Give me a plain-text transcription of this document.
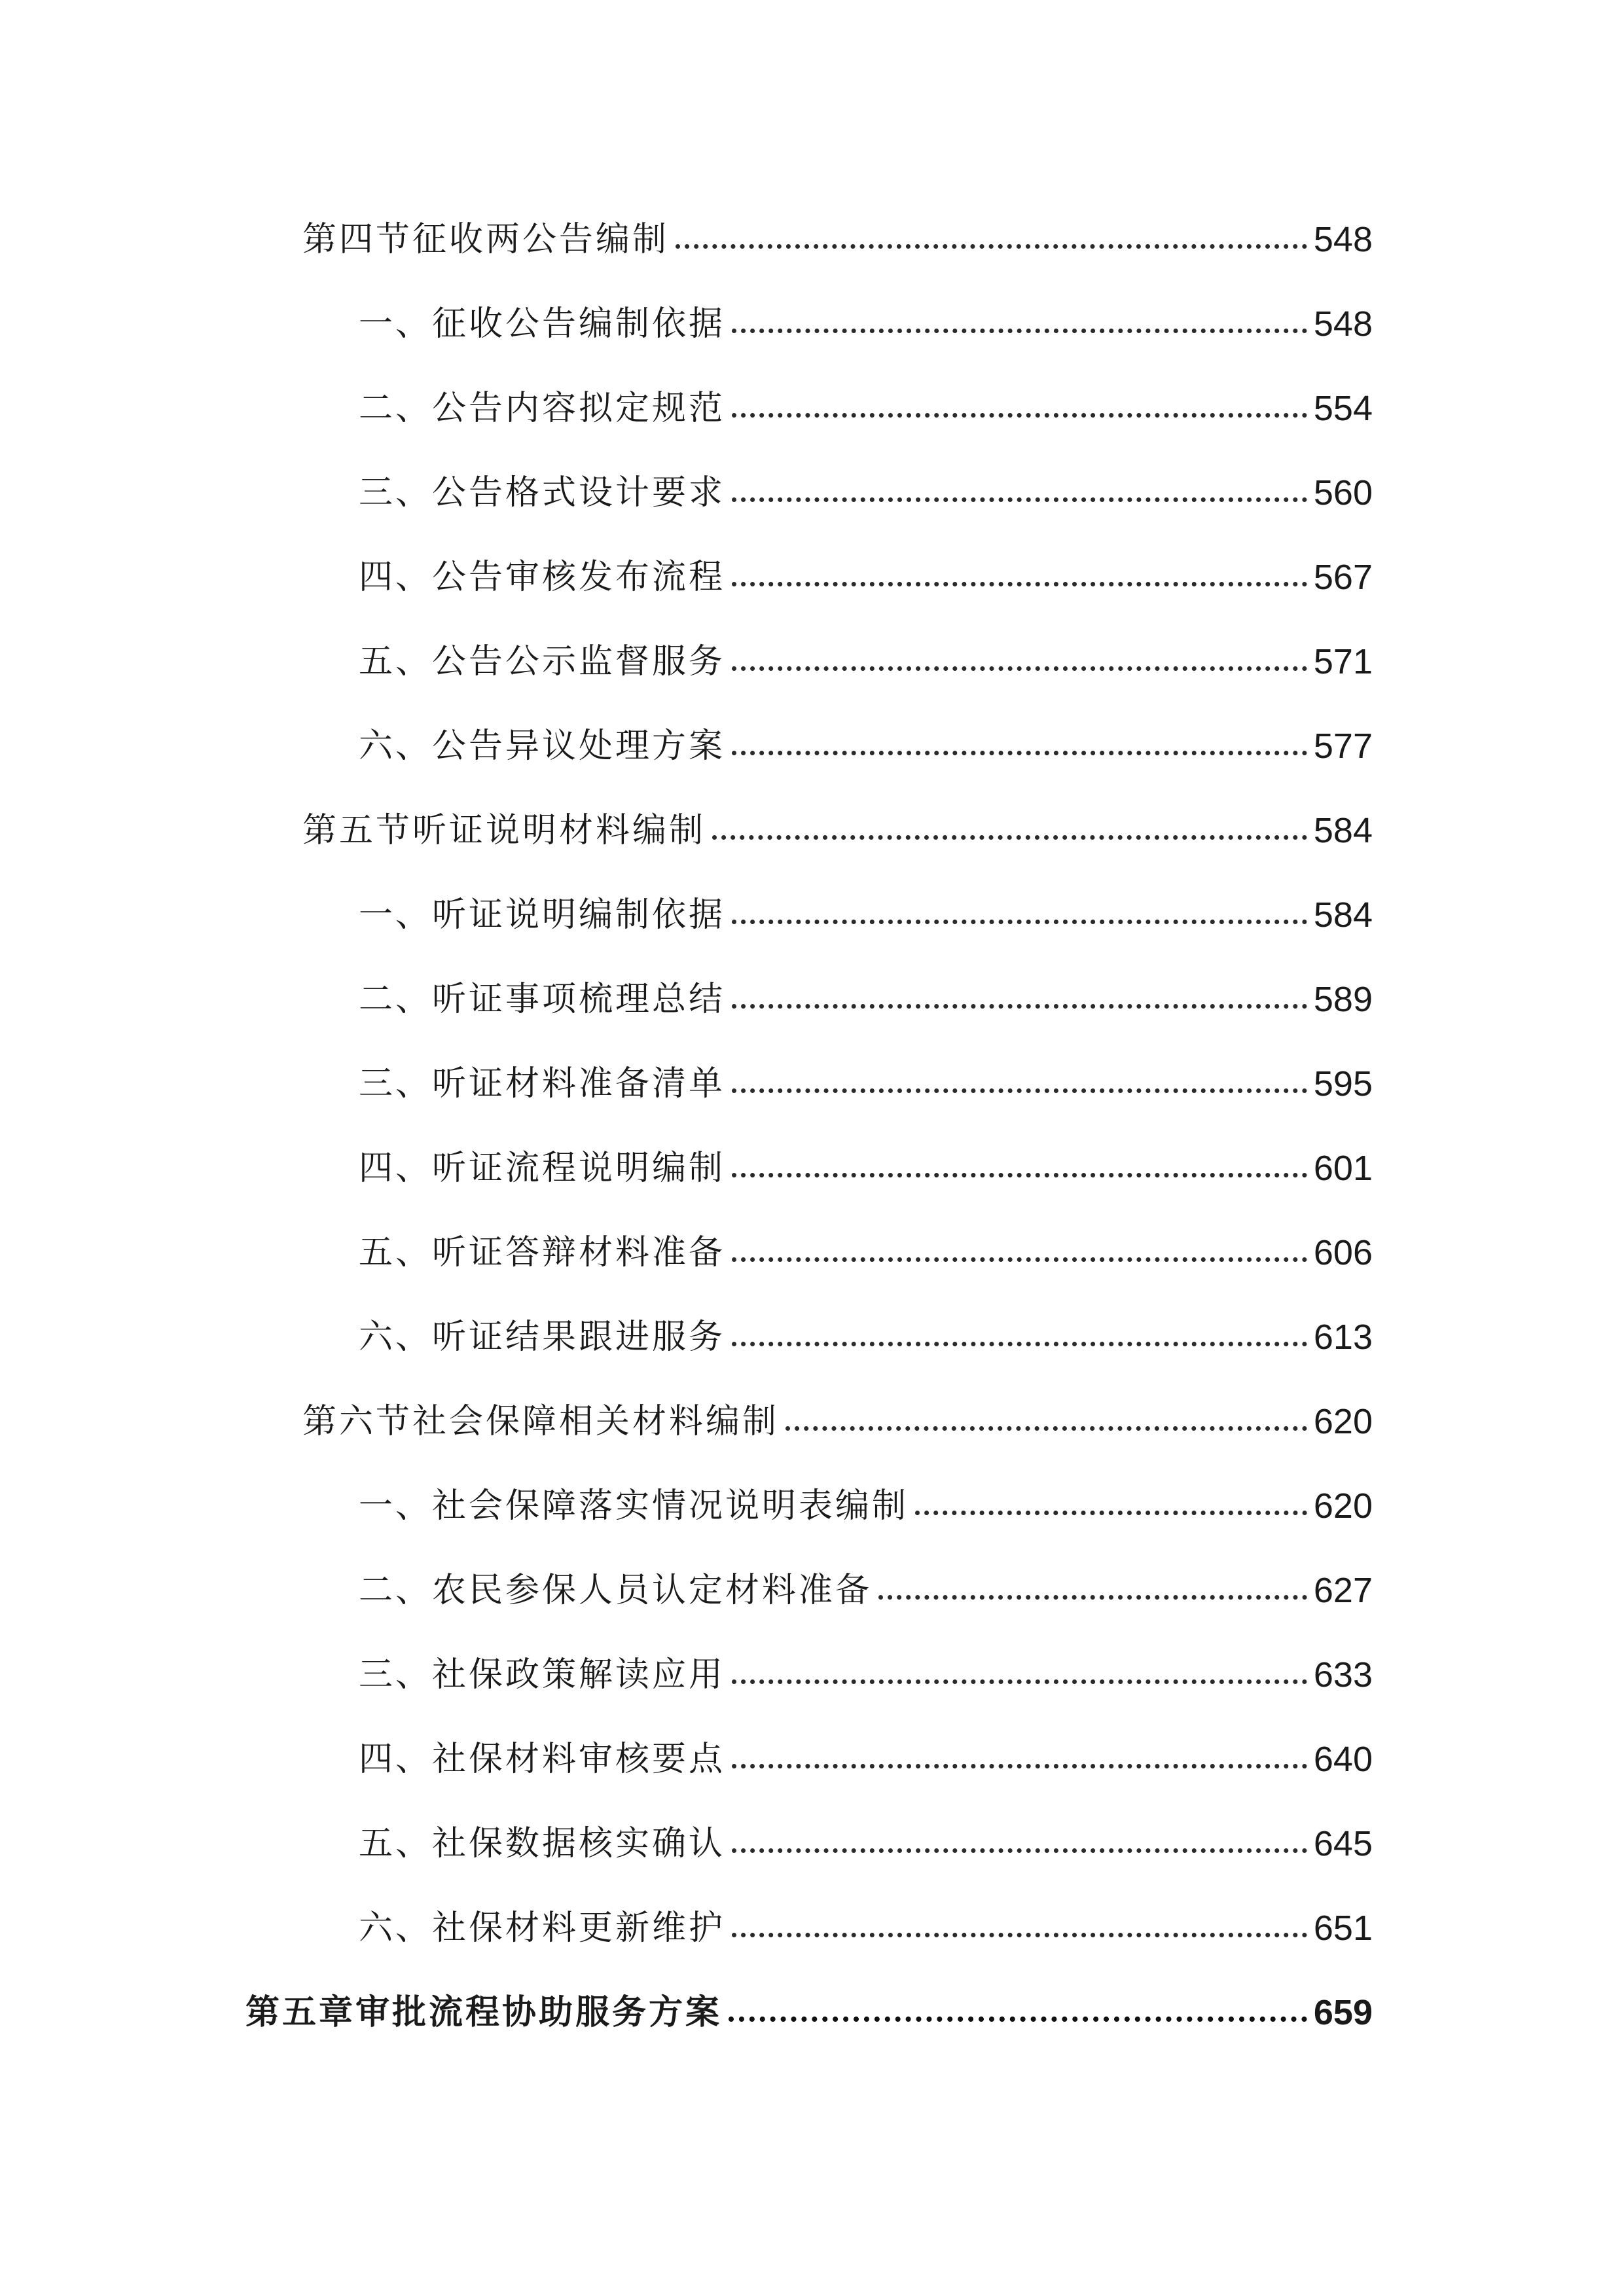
第四节征收两公告编制	548
一、征收公告编制依据	548
二、公告内容拟定规范	554
三、公告格式设计要求	560
四、公告审核发布流程	567
五、公告公示监督服务	571
六、公告异议处理方案	577
第五节听证说明材料编制	584
一、听证说明编制依据	584
二、听证事项梳理总结	589
三、听证材料准备清单	595
四、听证流程说明编制	601
五、听证答辩材料准备	606
六、听证结果跟进服务	613
第六节社会保障相关材料编制	620
一、社会保障落实情况说明表编制	620
二、农民参保人员认定材料准备	627
三、社保政策解读应用	633
四、社保材料审核要点	640
五、社保数据核实确认	645
六、社保材料更新维护	651
第五章审批流程协助服务方案	659
